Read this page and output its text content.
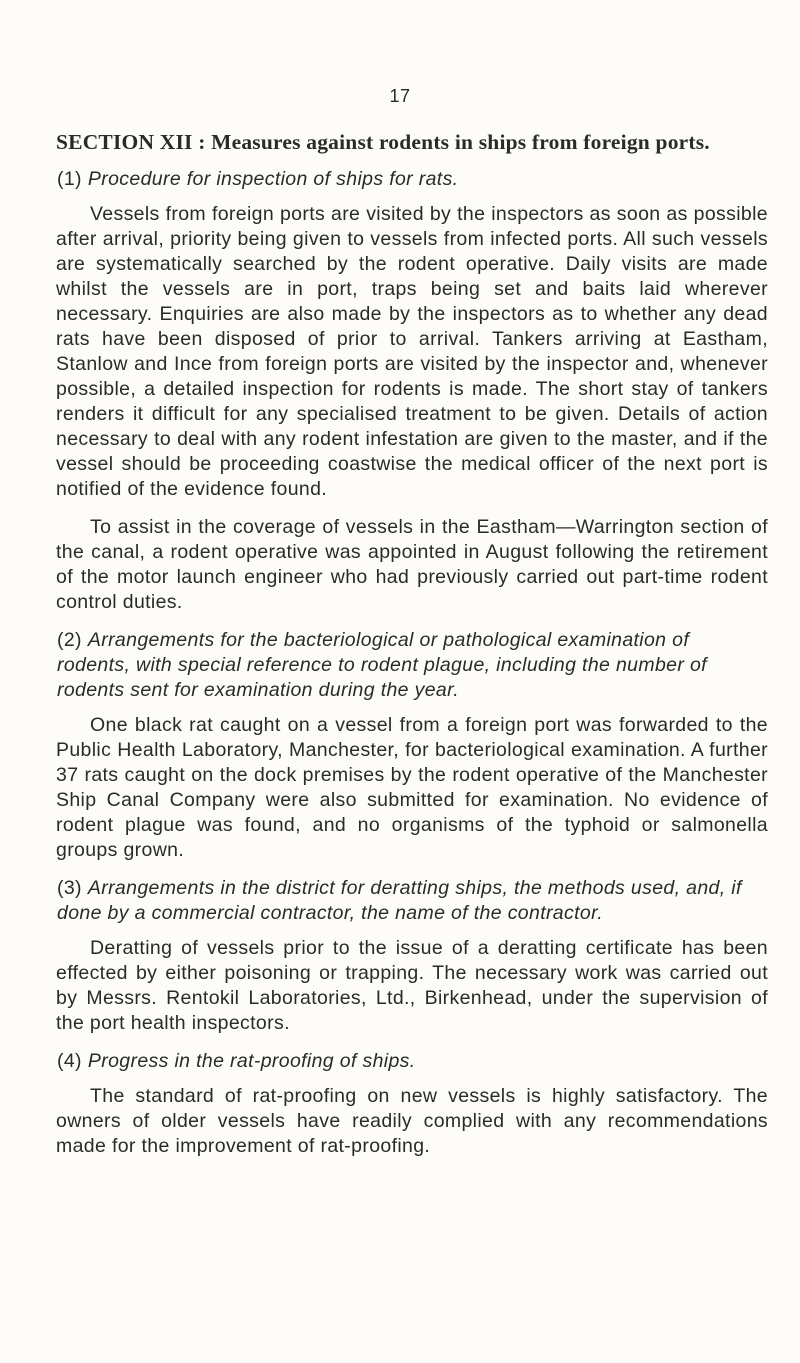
17
SECTION XII : Measures against rodents in ships from foreign ports.

(1) Procedure for inspection of ships for rats.

Vessels from foreign ports are visited by the inspectors as soon as possible after arrival, priority being given to vessels from infected ports. All such vessels are systematically searched by the rodent operative. Daily visits are made whilst the vessels are in port, traps being set and baits laid wherever necessary. Enquiries are also made by the inspectors as to whether any dead rats have been disposed of prior to arrival. Tankers arriving at Eastham, Stanlow and Ince from foreign ports are visited by the inspector and, whenever possible, a detailed inspection for rodents is made. The short stay of tankers renders it difficult for any specialised treatment to be given. Details of action necessary to deal with any rodent infestation are given to the master, and if the vessel should be proceeding coastwise the medical officer of the next port is notified of the evidence found.

To assist in the coverage of vessels in the Eastham—Warrington section of the canal, a rodent operative was appointed in August following the retirement of the motor launch engineer who had previously carried out part-time rodent control duties.

(2) Arrangements for the bacteriological or pathological examination of rodents, with special reference to rodent plague, including the number of rodents sent for examination during the year.

One black rat caught on a vessel from a foreign port was forwarded to the Public Health Laboratory, Manchester, for bacteriological examination. A further 37 rats caught on the dock premises by the rodent operative of the Manchester Ship Canal Company were also submitted for examination. No evidence of rodent plague was found, and no organisms of the typhoid or salmonella groups grown.

(3) Arrangements in the district for deratting ships, the methods used, and, if done by a commercial contractor, the name of the contractor.

Deratting of vessels prior to the issue of a deratting certificate has been effected by either poisoning or trapping. The necessary work was carried out by Messrs. Rentokil Laboratories, Ltd., Birkenhead, under the supervision of the port health inspectors.

(4) Progress in the rat-proofing of ships.

The standard of rat-proofing on new vessels is highly satisfactory. The owners of older vessels have readily complied with any recommendations made for the improvement of rat-proofing.
